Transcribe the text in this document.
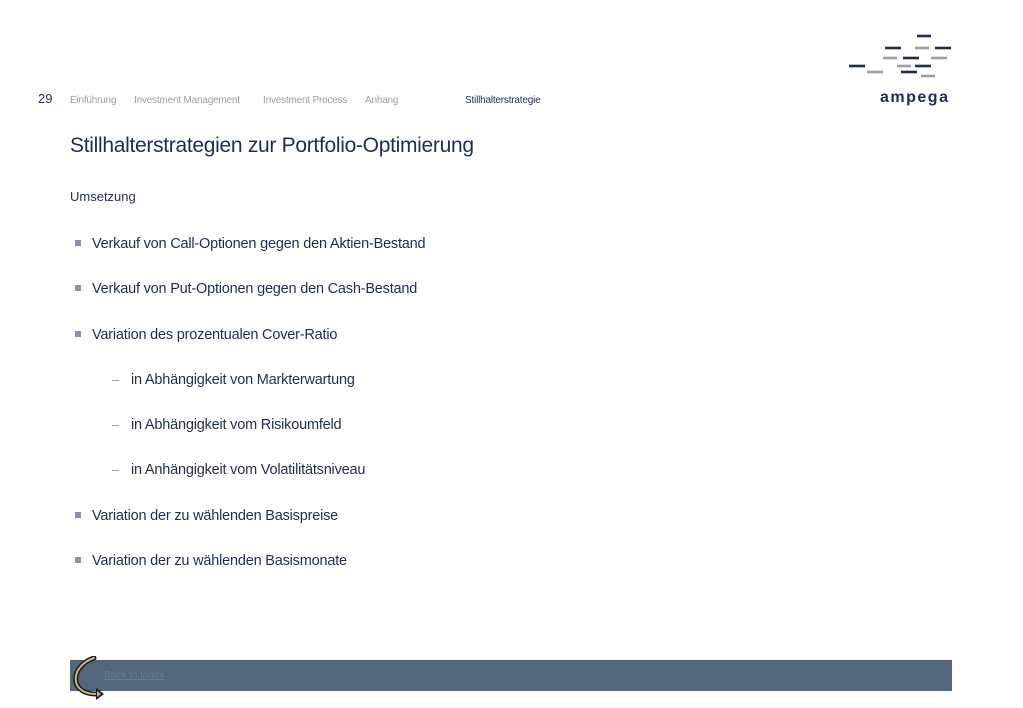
29 Einführung Investment Management Investment Process Anhang	Stillhalterstrategie	ampega
Stillhalterstrategien zur Portfolio-Optimierung
Umsetzung
Verkauf von Call-Optionen gegen den Aktien-Bestand
Verkauf von Put-Optionen gegen den Cash-Bestand
Variation des prozentualen Cover-Ratio
– in Abhängigkeit von Markterwartung
– in Abhängigkeit vom Risikoumfeld
– in Anhängigkeit vom Volatilitätsniveau
Variation der zu wählenden Basispreise
Variation der zu wählenden Basismonate
Back to Index
